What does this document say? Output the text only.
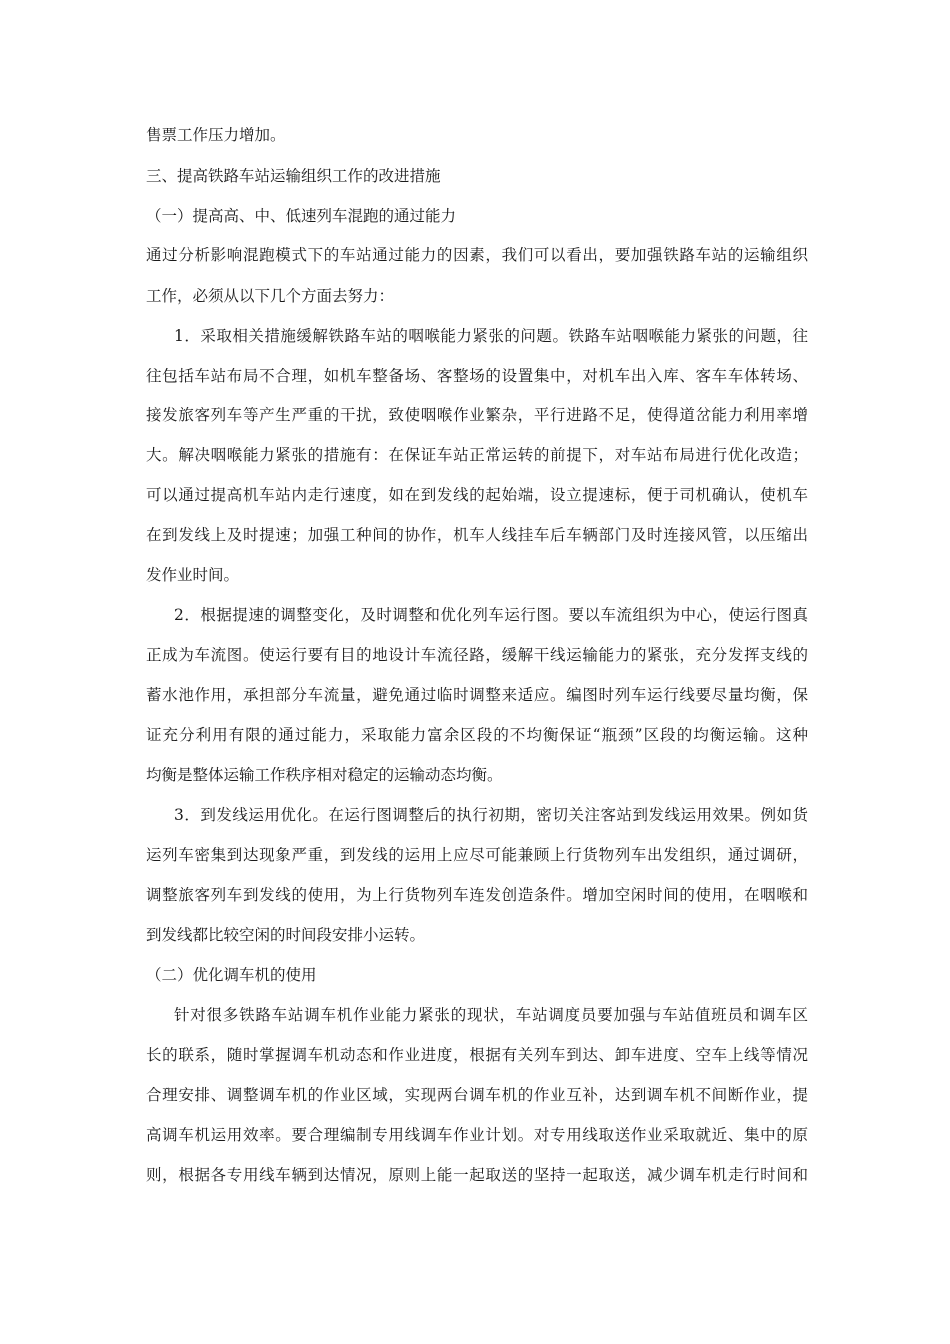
售票工作压力增加。
三、提高铁路车站运输组织工作的改进措施
（一）提高高、中、低速列车混跑的通过能力
通过分析影响混跑模式下的车站通过能力的因素，我们可以看出，要加强铁路车站的运输组织
工作，必须从以下几个方面去努力：
1．采取相关措施缓解铁路车站的咽喉能力紧张的问题。铁路车站咽喉能力紧张的问题，往
往包括车站布局不合理，如机车整备场、客整场的设置集中，对机车出入库、客车车体转场、
接发旅客列车等产生严重的干扰，致使咽喉作业繁杂，平行进路不足，使得道岔能力利用率增
大。解决咽喉能力紧张的措施有：在保证车站正常运转的前提下，对车站布局进行优化改造；
可以通过提高机车站内走行速度，如在到发线的起始端，设立提速标，便于司机确认，使机车
在到发线上及时提速；加强工种间的协作，机车人线挂车后车辆部门及时连接风管，以压缩出
发作业时间。
2．根据提速的调整变化，及时调整和优化列车运行图。要以车流组织为中心，使运行图真
正成为车流图。使运行要有目的地设计车流径路，缓解干线运输能力的紧张，充分发挥支线的
蓄水池作用，承担部分车流量，避免通过临时调整来适应。编图时列车运行线要尽量均衡，保
证充分利用有限的通过能力，采取能力富余区段的不均衡保证“瓶颈”区段的均衡运输。这种
均衡是整体运输工作秩序相对稳定的运输动态均衡。
3．到发线运用优化。在运行图调整后的执行初期，密切关注客站到发线运用效果。例如货
运列车密集到达现象严重，到发线的运用上应尽可能兼顾上行货物列车出发组织，通过调研，
调整旅客列车到发线的使用，为上行货物列车连发创造条件。增加空闲时间的使用，在咽喉和
到发线都比较空闲的时间段安排小运转。
（二）优化调车机的使用
针对很多铁路车站调车机作业能力紧张的现状，车站调度员要加强与车站值班员和调车区
长的联系，随时掌握调车机动态和作业进度，根据有关列车到达、卸车进度、空车上线等情况
合理安排、调整调车机的作业区域，实现两台调车机的作业互补，达到调车机不间断作业，提
高调车机运用效率。要合理编制专用线调车作业计划。对专用线取送作业采取就近、集中的原
则，根据各专用线车辆到达情况，原则上能一起取送的坚持一起取送，减少调车机走行时间和
